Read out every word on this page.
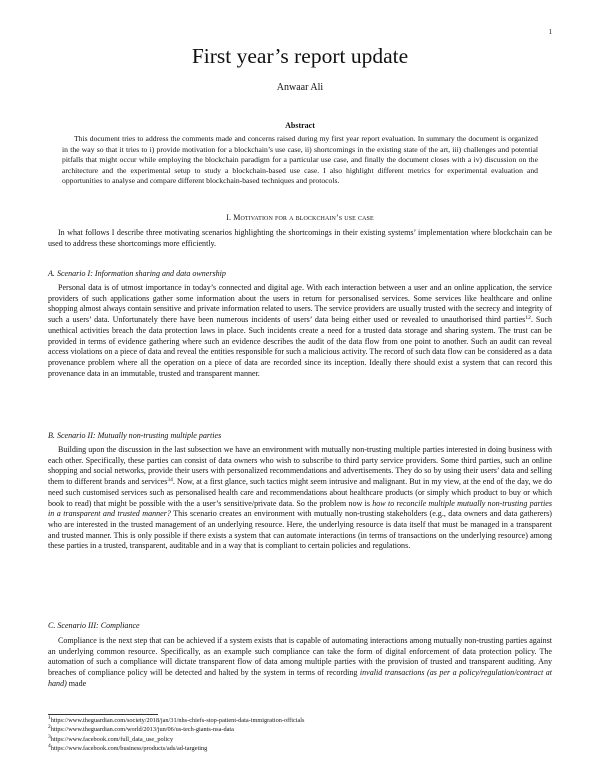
1
First year’s report update
Anwaar Ali
Abstract

This document tries to address the comments made and concerns raised during my first year report evaluation. In summary the document is organized in the way so that it tries to i) provide motivation for a blockchain’s use case, ii) shortcomings in the existing state of the art, iii) challenges and potential pitfalls that might occur while employing the blockchain paradigm for a particular use case, and finally the document closes with a iv) discussion on the architecture and the experimental setup to study a blockchain-based use case. I also highlight different metrics for experimental evaluation and opportunities to analyse and compare different blockchain-based techniques and protocols.

I. Motivation for a blockchain’s use case

In what follows I describe three motivating scenarios highlighting the shortcomings in their existing systems’ implementation where blockchain can be used to address these shortcomings more efficiently.

A. Scenario I: Information sharing and data ownership

Personal data is of utmost importance in today’s connected and digital age. With each interaction between a user and an online application, the service providers of such applications gather some information about the users in return for personalised services. Some services like healthcare and online shopping almost always contain sensitive and private information related to users. The service providers are usually trusted with the secrecy and integrity of such a users’ data. Unfortunately there have been numerous incidents of users’ data being either used or revealed to unauthorised third parties$^{12}$. Such unethical activities breach the data protection laws in place. Such incidents create a need for a trusted data storage and sharing system. The trust can be provided in terms of evidence gathering where such an evidence describes the audit of the data flow from one point to another. Such an audit can reveal access violations on a piece of data and reveal the entities responsible for such a malicious activity. The record of such data flow can be considered as a data provenance problem where all the operation on a piece of data are recorded since its inception. Ideally there should exist a system that can record this provenance data in an immutable, trusted and transparent manner.

B. Scenario II: Mutually non-trusting multiple parties

Building upon the discussion in the last subsection we have an environment with mutually non-trusting multiple parties interested in doing business with each other. Specifically, these parties can consist of data owners who wish to subscribe to third party service providers. Some third parties, such an online shopping and social networks, provide their users with personalized recommendations and advertisements. They do so by using their users’ data and selling them to different brands and services$^{34}$. Now, at a first glance, such tactics might seem intrusive and malignant. But in my view, at the end of the day, we do need such customised services such as personalised health care and recommendations about healthcare products (or simply which product to buy or which book to read) that might be possible with the a user’s sensitive/private data. So the problem now is how to reconcile multiple mutually non-trusting parties in a transparent and trusted manner? This scenario creates an environment with mutually non-trusting stakeholders (e.g., data owners and data gatherers) who are interested in the trusted management of an underlying resource. Here, the underlying resource is data itself that must be managed in a transparent and trusted manner. This is only possible if there exists a system that can automate interactions (in terms of transactions on the underlying resource) among these parties in a trusted, transparent, auditable and in a way that is compliant to certain policies and regulations.

C. Scenario III: Compliance

Compliance is the next step that can be achieved if a system exists that is capable of automating interactions among mutually non-trusting parties against an underlying common resource. Specifically, as an example such compliance can take the form of digital enforcement of data protection policy. The automation of such a compliance will dictate transparent flow of data among multiple parties with the provision of trusted and transparent auditing. Any breaches of compliance policy will be detected and halted by the system in terms of recording invalid transactions (as per a policy/regulation/contract at hand) made

$^1$https://www.theguardian.com/society/2018/jan/31/nhs-chiefs-stop-patient-data-immigration-officials
$^2$https://www.theguardian.com/world/2013/jun/06/us-tech-giants-nsa-data
$^3$https://www.facebook.com/full_data_use_policy
$^4$https://www.facebook.com/business/products/ads/ad-targeting
